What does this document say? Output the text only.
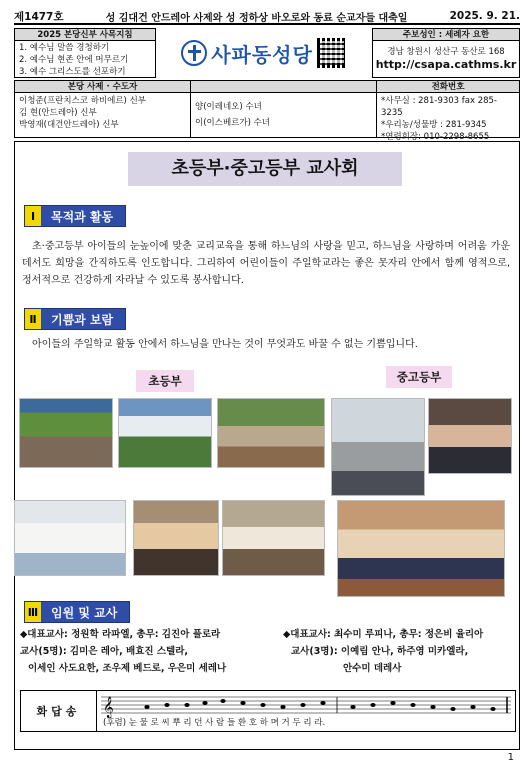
제1477호	성 김대건 안드레아 사제와 성 정하상 바오로와 동료 순교자들 대축일	2025. 9. 21.
2025 본당신부 사목지침
1. 예수님 말씀 경청하기
2. 예수님 현존 안에 머무르기
3. 예수 그리스도를 선포하기
사파동성당
주보성인 : 세례자 요한
경남 창원시 성산구 동산로 168
http://csapa.cathms.kr
본당 사제 · 수도자
이청준(프란치스코 하비에르) 신부
김 현(안드레아) 신부
박영재(대건안드레아) 신부

양(이레네오) 수녀
이(이스베르가) 수녀
전화번호
*사무실 : 281-9303 fax 285-3235
*우리농/성물방 : 281-9345
*연령회장: 010-2298-8655
초등부·중고등부 교사회
Ⅰ	목적과 활동
초·중고등부 아이들의 눈높이에 맞춘 교리교육을 통해 하느님의 사랑을 믿고, 하느님을 사랑하며 어려움 가운데서도 희망을 간직하도록 인도합니다. 그리하여 어린이들이 주일학교라는 좋은 못자리 안에서 함께 영적으로, 정서적으로 건강하게 자라날 수 있도록 봉사합니다.
Ⅱ	기쁨과 보람
아이들의 주일학교 활동 안에서 하느님을 만나는 것이 무엇과도 바꿀 수 없는 기쁨입니다.
초등부	중고등부
Ⅲ	임원 및 교사
◆대표교사: 정원학 라파엘, 총무: 김진아 플로라
교사(5명): 김미은 레아, 배효진 스텔라,
이세인 사도요한, 조우제 베드로, 우은미 세레나
◆대표교사: 최수미 루피나, 총무: 정은비 율리아
교사(3명): 이예림 안나, 하주영 미카엘라,
안수미 데레사
화답송	𝄞
(후렴) 눈 물 로 씨 뿌 리 던 사 람 들 환 호 하 며 거 두 리 라.
1
